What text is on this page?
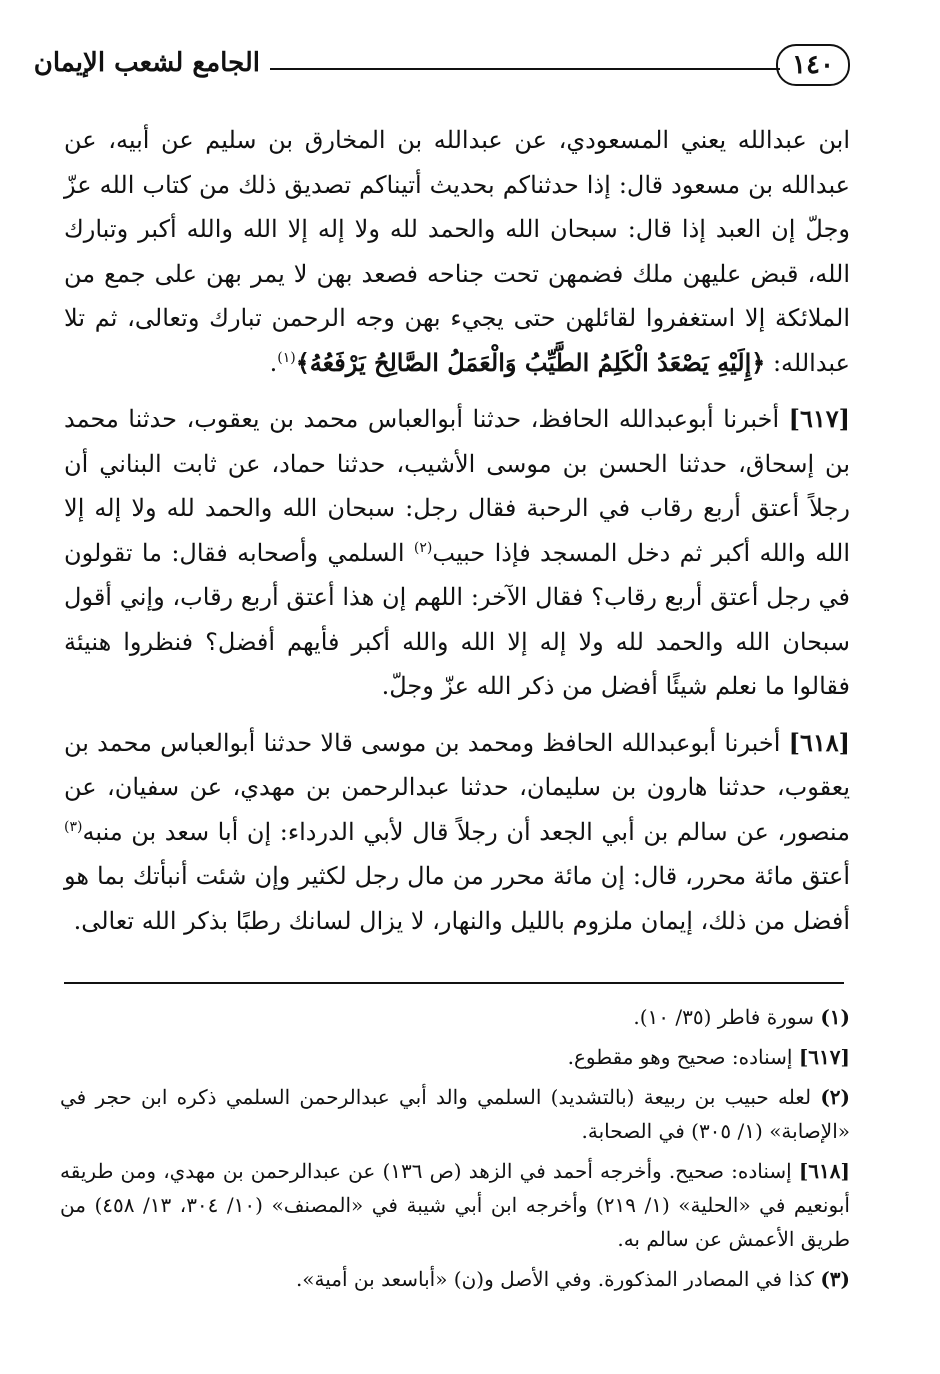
١٤٠
الجامع لشعب الإيمان

ابن عبدالله يعني المسعودي، عن عبدالله بن المخارق بن سليم عن أبيه، عن عبدالله بن مسعود قال: إذا حدثناكم بحديث أتيناكم تصديق ذلك من كتاب الله عزّ وجلّ إن العبد إذا قال: سبحان الله والحمد لله ولا إله إلا الله والله أكبر وتبارك الله، قبض عليهن ملك فضمهن تحت جناحه فصعد بهن لا يمر بهن على جمع من الملائكة إلا استغفروا لقائلهن حتى يجيء بهن وجه الرحمن تبارك وتعالى، ثم تلا عبدالله: ﴿إِلَيْهِ يَصْعَدُ الْكَلِمُ الطَّيِّبُ وَالْعَمَلُ الصَّالِحُ يَرْفَعُهُ﴾$^{(١)}$.

[٦١٧] أخبرنا أبوعبدالله الحافظ، حدثنا أبوالعباس محمد بن يعقوب، حدثنا محمد بن إسحاق، حدثنا الحسن بن موسى الأشيب، حدثنا حماد، عن ثابت البناني أن رجلاً أعتق أربع رقاب في الرحبة فقال رجل: سبحان الله والحمد لله ولا إله إلا الله والله أكبر ثم دخل المسجد فإذا حبيب$^{(٢)}$ السلمي وأصحابه فقال: ما تقولون في رجل أعتق أربع رقاب؟ فقال الآخر: اللهم إن هذا أعتق أربع رقاب، وإني أقول سبحان الله والحمد لله ولا إله إلا الله والله أكبر فأيهم أفضل؟ فنظروا هنيئة فقالوا ما نعلم شيئًا أفضل من ذكر الله عزّ وجلّ.

[٦١٨] أخبرنا أبوعبدالله الحافظ ومحمد بن موسى قالا حدثنا أبوالعباس محمد بن يعقوب، حدثنا هارون بن سليمان، حدثنا عبدالرحمن بن مهدي، عن سفيان، عن منصور، عن سالم بن أبي الجعد أن رجلاً قال لأبي الدرداء: إن أبا سعد بن منبه$^{(٣)}$ أعتق مائة محرر، قال: إن مائة محرر من مال رجل لكثير وإن شئت أنبأتك بما هو أفضل من ذلك، إيمان ملزوم بالليل والنهار، لا يزال لسانك رطبًا بذكر الله تعالى.

(١) سورة فاطر (٣٥/ ١٠).

[٦١٧] إسناده: صحيح وهو مقطوع.

(٢) لعله حبيب بن ربيعة (بالتشديد) السلمي والد أبي عبدالرحمن السلمي ذكره ابن حجر في «الإصابة» (١/ ٣٠٥) في الصحابة.

[٦١٨] إسناده: صحيح. وأخرجه أحمد في الزهد (ص ١٣٦) عن عبدالرحمن بن مهدي، ومن طريقه أبونعيم في «الحلية» (١/ ٢١٩) وأخرجه ابن أبي شيبة في «المصنف» (١٠/ ٣٠٤، ١٣/ ٤٥٨) من طريق الأعمش عن سالم به.

(٣) كذا في المصادر المذكورة. وفي الأصل و(ن) «أباسعد بن أمية».
